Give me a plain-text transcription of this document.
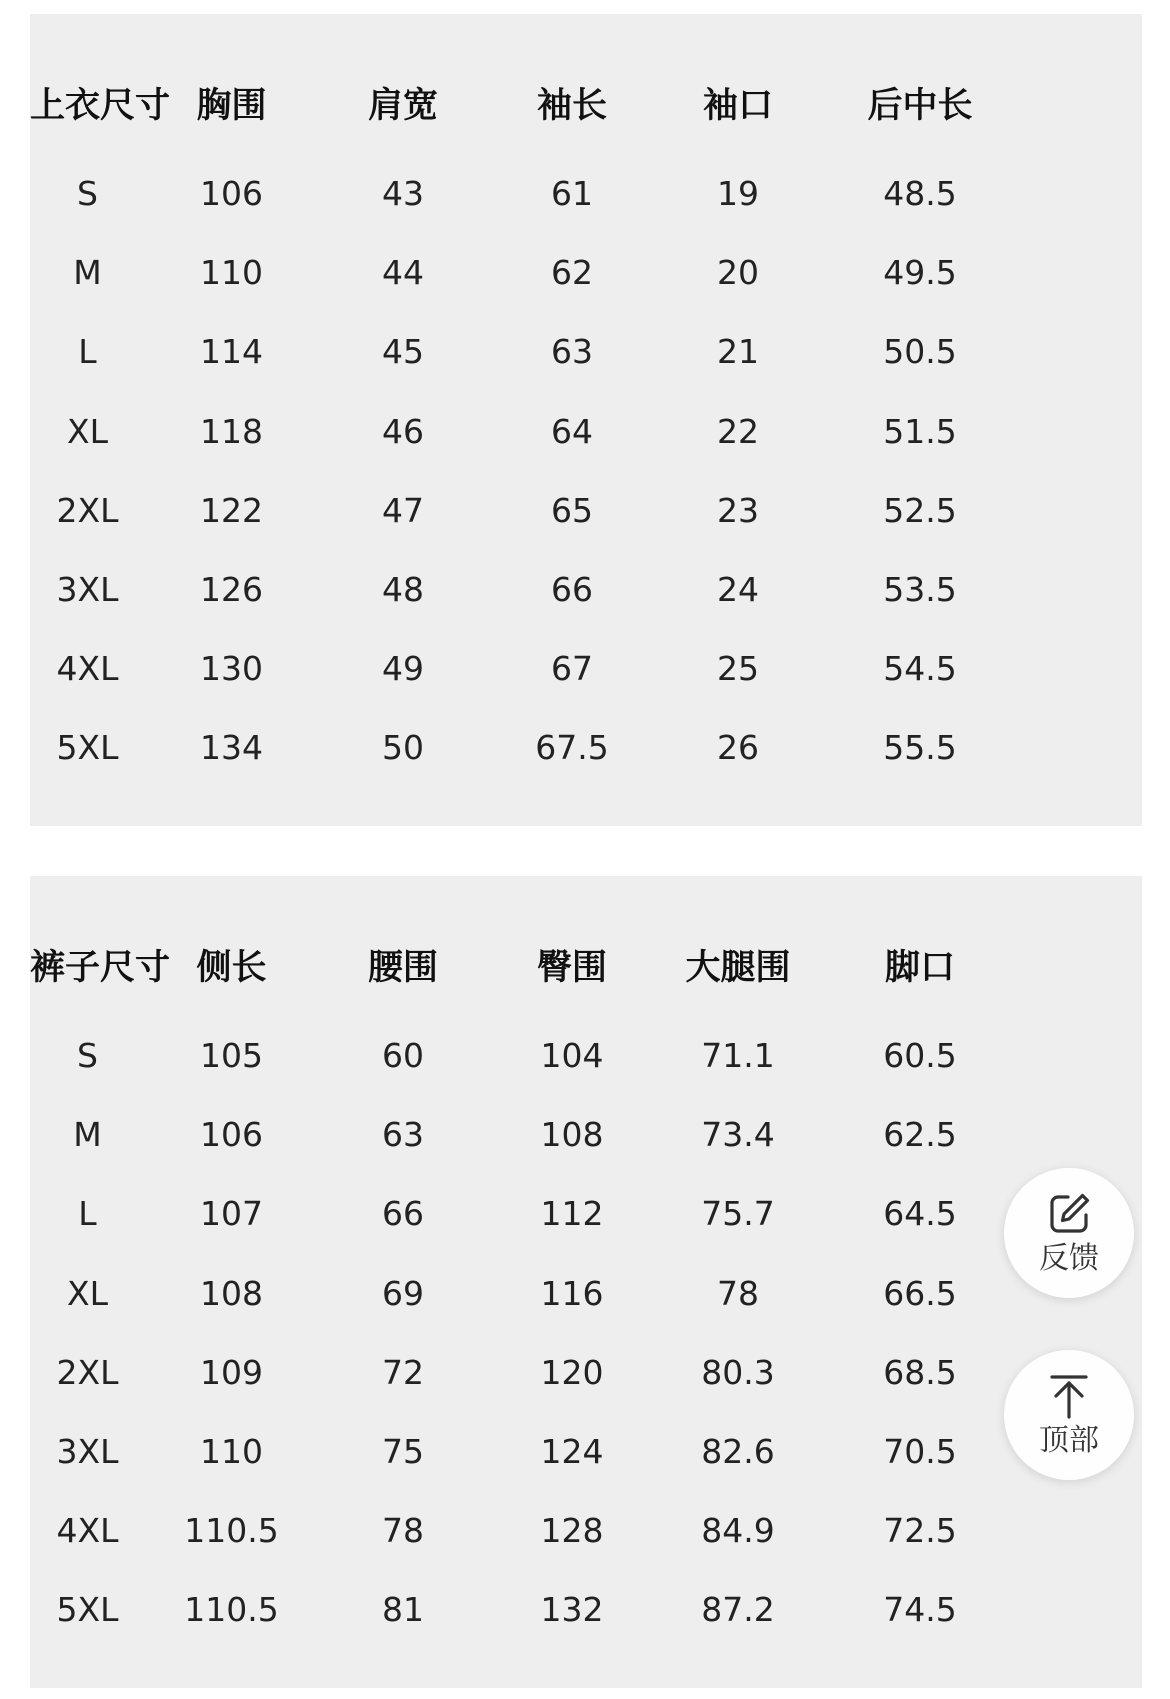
上衣尺寸	胸围	肩宽	袖长	袖口	后中长	

S	106	43	61	19	48.5	
M	110	44	62	20	49.5	
L	114	45	63	21	50.5	
XL	118	46	64	22	51.5	
2XL	122	47	65	23	52.5	
3XL	126	48	66	24	53.5	
4XL	130	49	67	25	54.5	
5XL	134	50	67.5	26	55.5	

裤子尺寸	侧长	腰围	臀围	大腿围	脚口	

S	105	60	104	71.1	60.5	
M	106	63	108	73.4	62.5	
L	107	66	112	75.7	64.5	
XL	108	69	116	78	66.5	
2XL	109	72	120	80.3	68.5	
3XL	110	75	124	82.6	70.5	
4XL	110.5	78	128	84.9	72.5	
5XL	110.5	81	132	87.2	74.5	
反馈
顶部
